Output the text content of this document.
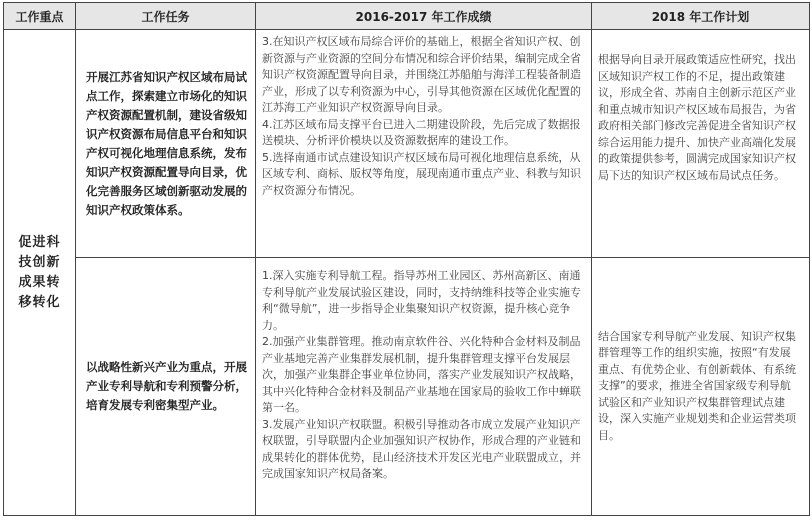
工作重点	工作任务	2016-2017 年工作成绩	2018 年工作计划
促进科技创新成果转移转化	开展江苏省知识产权区域布局试点工作，探索建立市场化的知识产权资源配置机制，建设省级知识产权资源布局信息平台和知识产权可视化地理信息系统，发布知识产权资源配置导向目录，优化完善服务区域创新驱动发展的知识产权政策体系。	3.在知识产权区域布局综合评价的基础上，根据全省知识产权、创新资源与产业资源的空间分布情况和综合评价结果，编制完成全省知识产权资源配置导向目录，并围绕江苏船舶与海洋工程装备制造产业，形成了以专利资源为中心，引导其他资源在区域优化配置的江苏海工产业知识产权资源导向目录。

4.江苏区域布局支撑平台已进入二期建设阶段，先后完成了数据报送模块、分析评价模块以及资源数据库的建设工作。

5.选择南通市试点建设知识产权区域布局可视化地理信息系统，从区域专利、商标、版权等角度，展现南通市重点产业、科教与知识产权资源分布情况。	根据导向目录开展政策适应性研究，找出区域知识产权工作的不足，提出政策建议，形成全省、苏南自主创新示范区产业和重点城市知识产权区域布局报告，为省政府相关部门修改完善促进全省知识产权综合运用能力提升、加快产业高端化发展的政策提供参考，圆满完成国家知识产权局下达的知识产权区域布局试点任务。

	以战略性新兴产业为重点，开展产业专利导航和专利预警分析，培育发展专利密集型产业。	1.深入实施专利导航工程。指导苏州工业园区、苏州高新区、南通专利导航产业发展试验区建设，同时，支持纳维科技等企业实施专利“微导航”，进一步指导企业集聚知识产权资源，提升核心竞争力。

2.加强产业集群管理。推动南京软件谷、兴化特种合金材料及制品产业基地完善产业集群发展机制，提升集群管理支撑平台发展层次，加强产业集群企事业单位协同，落实产业发展知识产权战略，其中兴化特种合金材料及制品产业基地在国家局的验收工作中蝉联第一名。

3.发展产业知识产权联盟。积极引导推动各市成立发展产业知识产权联盟，引导联盟内企业加强知识产权协作，形成合理的产业链和成果转化的群体优势，昆山经济技术开发区光电产业联盟成立，并完成国家知识产权局备案。	结合国家专利导航产业发展、知识产权集群管理等工作的组织实施，按照“有发展重点、有优势企业、有创新载体、有系统支撑”的要求，推进全省国家级专利导航试验区和产业知识产权集群管理试点建设，深入实施产业规划类和企业运营类项目。
